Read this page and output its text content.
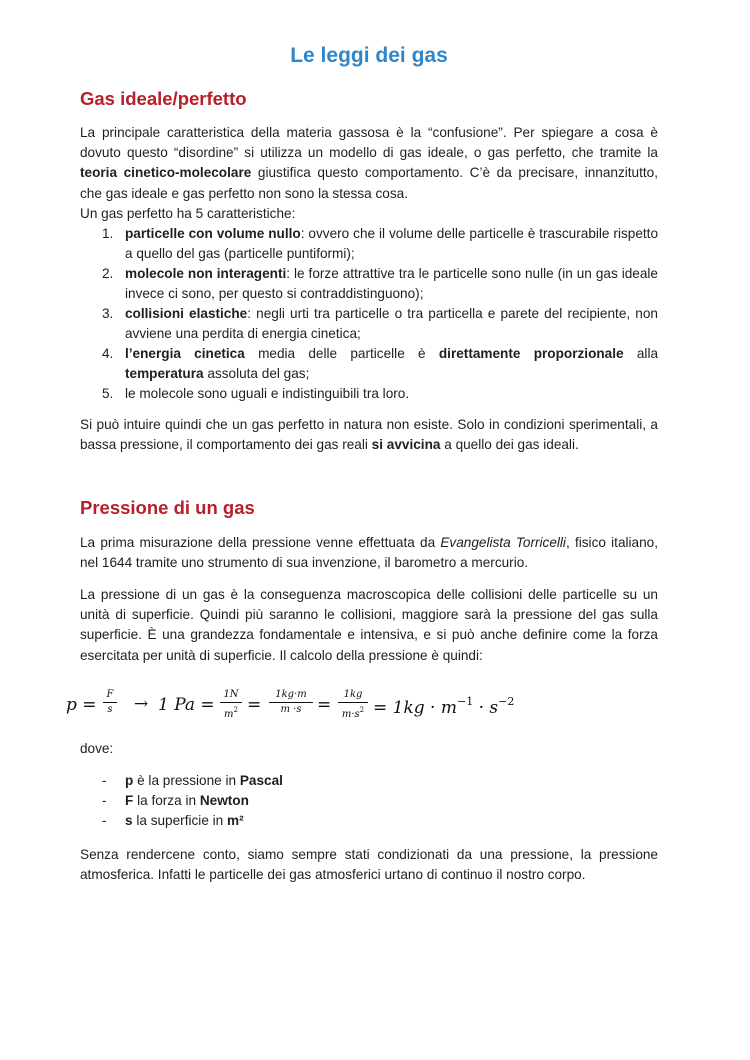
Le leggi dei gas
Gas ideale/perfetto

La principale caratteristica della materia gassosa è la “confusione”. Per spiegare a cosa è dovuto questo “disordine” si utilizza un modello di gas ideale, o gas perfetto, che tramite la teoria cinetico-molecolare giustifica questo comportamento. C’è da precisare, innanzitutto, che gas ideale e gas perfetto non sono la stessa cosa.

Un gas perfetto ha 5 caratteristiche:

1. particelle con volume nullo: ovvero che il volume delle particelle è trascurabile rispetto a quello del gas (particelle puntiformi);
2. molecole non interagenti: le forze attrattive tra le particelle sono nulle (in un gas ideale invece ci sono, per questo si contraddistinguono);
3. collisioni elastiche: negli urti tra particelle o tra particella e parete del recipiente, non avviene una perdita di energia cinetica;
4. l’energia cinetica media delle particelle è direttamente proporzionale alla temperatura assoluta del gas;
5. le molecole sono uguali e indistinguibili tra loro.

Si può intuire quindi che un gas perfetto in natura non esiste. Solo in condizioni sperimentali, a bassa pressione, il comportamento dei gas reali si avvicina a quello dei gas ideali.

Pressione di un gas

La prima misurazione della pressione venne effettuata da Evangelista Torricelli, fisico italiano, nel 1644 tramite uno strumento di sua invenzione, il barometro a mercurio.

La pressione di un gas è la conseguenza macroscopica delle collisioni delle particelle su un unità di superficie. Quindi più saranno le collisioni, maggiore sarà la pressione del gas sulla superficie. È una grandezza fondamentale e intensiva, e si può anche definire come la forza esercitata per unità di superficie. Il calcolo della pressione è quindi:

p =
F
s → 1 Pa =
1N
$m^2$ =
1kg·m
m ·s =
1kg
$m\cdot s^2 = 1kg \cdot m^{-1} \cdot s^{-2}$

dove:

- p è la pressione in Pascal
- F la forza in Newton
- s la superficie in m²

Senza rendercene conto, siamo sempre stati condizionati da una pressione, la pressione atmosferica. Infatti le particelle dei gas atmosferici urtano di continuo il nostro corpo.
